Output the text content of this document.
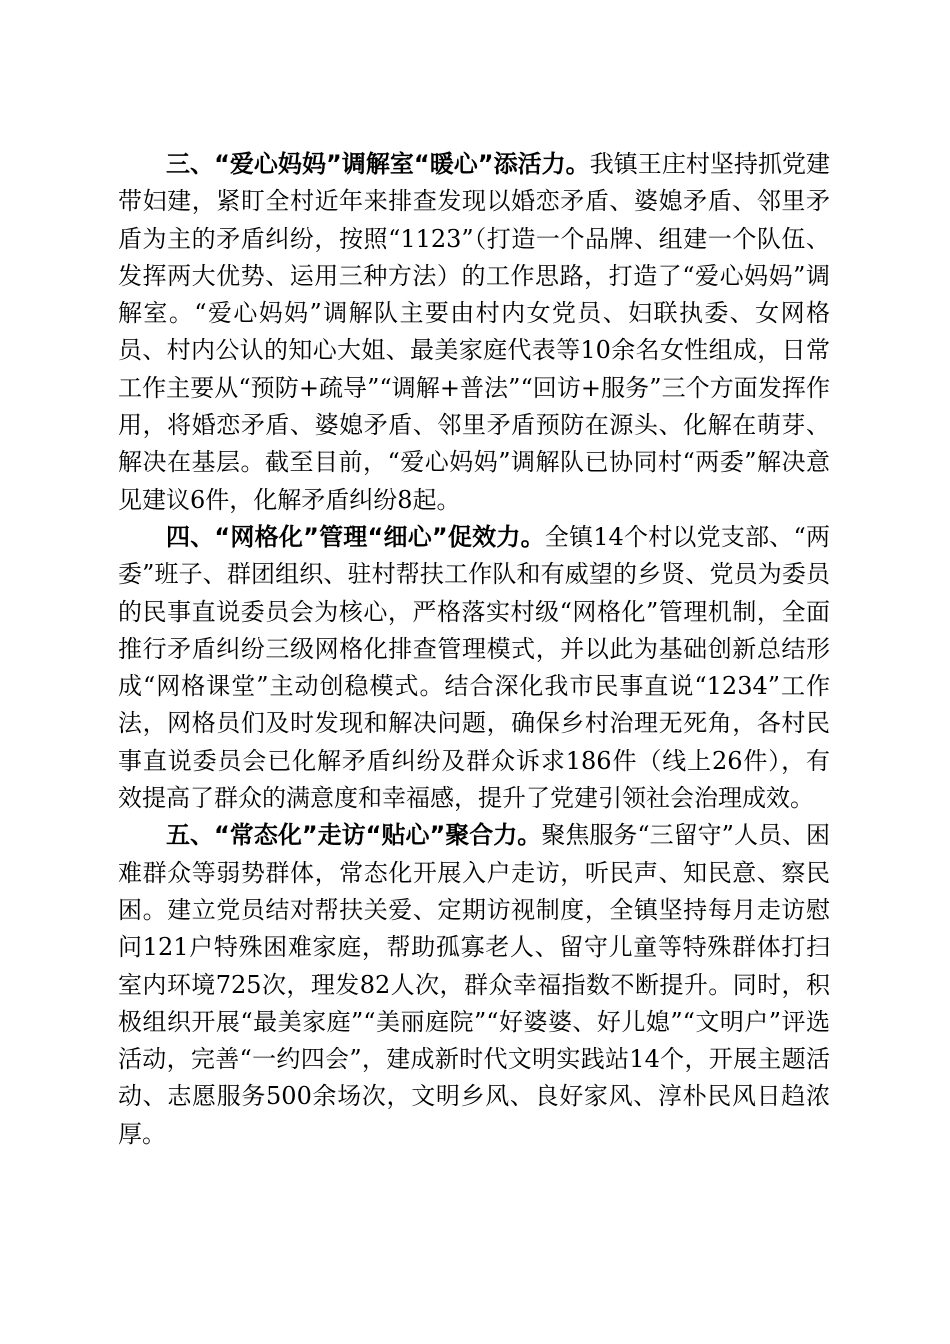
三、“爱心妈妈”调解室“暖心”添活力。我镇王庄村坚持抓党建带妇建，紧盯全村近年来排查发现以婚恋矛盾、婆媳矛盾、邻里矛盾为主的矛盾纠纷，按照“1123”（打造一个品牌、组建一个队伍、发挥两大优势、运用三种方法）的工作思路，打造了“爱心妈妈”调解室。“爱心妈妈”调解队主要由村内女党员、妇联执委、女网格员、村内公认的知心大姐、最美家庭代表等10余名女性组成，日常工作主要从“预防+疏导”“调解+普法”“回访+服务”三个方面发挥作用，将婚恋矛盾、婆媳矛盾、邻里矛盾预防在源头、化解在萌芽、解决在基层。截至目前，“爱心妈妈”调解队已协同村“两委”解决意见建议6件，化解矛盾纠纷8起。

四、“网格化”管理“细心”促效力。全镇14个村以党支部、“两委”班子、群团组织、驻村帮扶工作队和有威望的乡贤、党员为委员的民事直说委员会为核心，严格落实村级“网格化”管理机制，全面推行矛盾纠纷三级网格化排查管理模式，并以此为基础创新总结形成“网格课堂”主动创稳模式。结合深化我市民事直说“1234”工作法，网格员们及时发现和解决问题，确保乡村治理无死角，各村民事直说委员会已化解矛盾纠纷及群众诉求186件（线上26件），有效提高了群众的满意度和幸福感，提升了党建引领社会治理成效。

五、“常态化”走访“贴心”聚合力。聚焦服务“三留守”人员、困难群众等弱势群体，常态化开展入户走访，听民声、知民意、察民困。建立党员结对帮扶关爱、定期访视制度，全镇坚持每月走访慰问121户特殊困难家庭，帮助孤寡老人、留守儿童等特殊群体打扫室内环境725次，理发82人次，群众幸福指数不断提升。同时，积极组织开展“最美家庭”“美丽庭院”“好婆婆、好儿媳”“文明户”评选活动，完善“一约四会”，建成新时代文明实践站14个，开展主题活动、志愿服务500余场次，文明乡风、良好家风、淳朴民风日趋浓厚。
